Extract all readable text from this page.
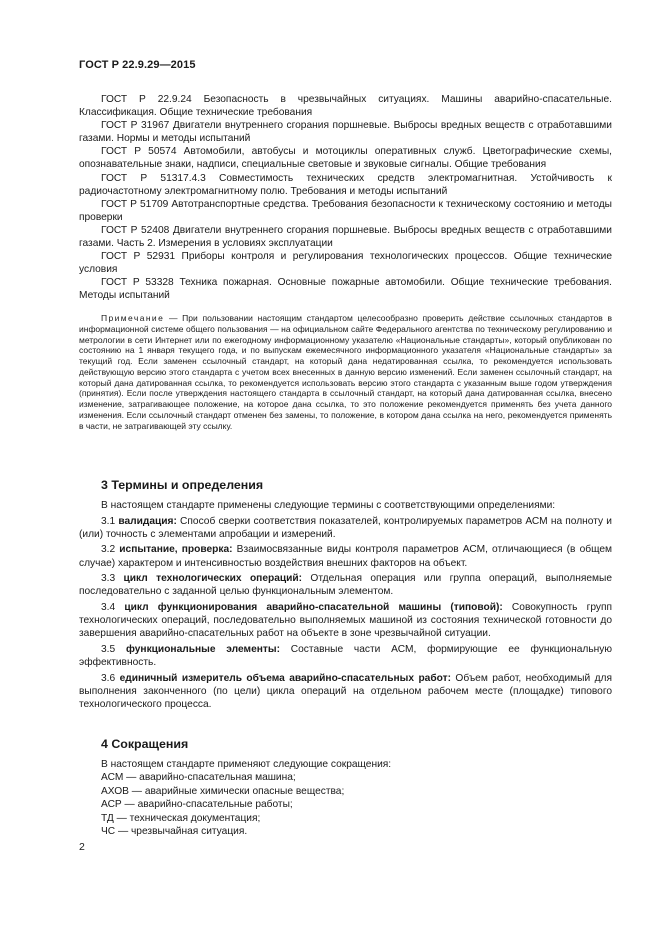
ГОСТ Р 22.9.29—2015

ГОСТ Р 22.9.24 Безопасность в чрезвычайных ситуациях. Машины аварийно-спасательные. Классификация. Общие технические требования

ГОСТ Р 31967 Двигатели внутреннего сгорания поршневые. Выбросы вредных веществ с отработавшими газами. Нормы и методы испытаний

ГОСТ Р 50574 Автомобили, автобусы и мотоциклы оперативных служб. Цветографические схемы, опознавательные знаки, надписи, специальные световые и звуковые сигналы. Общие требования

ГОСТ Р 51317.4.3 Совместимость технических средств электромагнитная. Устойчивость к радиочастотному электромагнитному полю. Требования и методы испытаний

ГОСТ Р 51709 Автотранспортные средства. Требования безопасности к техническому состоянию и методы проверки

ГОСТ Р 52408 Двигатели внутреннего сгорания поршневые. Выбросы вредных веществ с отработавшими газами. Часть 2. Измерения в условиях эксплуатации

ГОСТ Р 52931 Приборы контроля и регулирования технологических процессов. Общие технические условия

ГОСТ Р 53328 Техника пожарная. Основные пожарные автомобили. Общие технические требования. Методы испытаний

Примечание — При пользовании настоящим стандартом целесообразно проверить действие ссылочных стандартов в информационной системе общего пользования — на официальном сайте Федерального агентства по техническому регулированию и метрологии в сети Интернет или по ежегодному информационному указателю «Национальные стандарты», который опубликован по состоянию на 1 января текущего года, и по выпускам ежемесячного информационного указателя «Национальные стандарты» за текущий год. Если заменен ссылочный стандарт, на который дана недатированная ссылка, то рекомендуется использовать действующую версию этого стандарта с учетом всех внесенных в данную версию изменений. Если заменен ссылочный стандарт, на который дана датированная ссылка, то рекомендуется использовать версию этого стандарта с указанным выше годом утверждения (принятия). Если после утверждения настоящего стандарта в ссылочный стандарт, на который дана датированная ссылка, внесено изменение, затрагивающее положение, на которое дана ссылка, то это положение рекомендуется применять без учета данного изменения. Если ссылочный стандарт отменен без замены, то положение, в котором дана ссылка на него, рекомендуется применять в части, не затрагивающей эту ссылку.

3 Термины и определения

В настоящем стандарте применены следующие термины с соответствующими определениями:

3.1 валидация: Способ сверки соответствия показателей, контролируемых параметров АСМ на полноту и (или) точность с элементами апробации и измерений.

3.2 испытание, проверка: Взаимосвязанные виды контроля параметров АСМ, отличающиеся (в общем случае) характером и интенсивностью воздействия внешних факторов на объект.

3.3 цикл технологических операций: Отдельная операция или группа операций, выполняемые последовательно с заданной целью функциональным элементом.

3.4 цикл функционирования аварийно-спасательной машины (типовой): Совокупность групп технологических операций, последовательно выполняемых машиной из состояния технической готовности до завершения аварийно-спасательных работ на объекте в зоне чрезвычайной ситуации.

3.5 функциональные элементы: Составные части АСМ, формирующие ее функциональную эффективность.

3.6 единичный измеритель объема аварийно-спасательных работ: Объем работ, необходимый для выполнения законченного (по цели) цикла операций на отдельном рабочем месте (площадке) типового технологического процесса.

4 Сокращения

В настоящем стандарте применяют следующие сокращения:

АСМ — аварийно-спасательная машина;

АХОВ — аварийные химически опасные вещества;

АСР — аварийно-спасательные работы;

ТД — техническая документация;

ЧС — чрезвычайная ситуация.

2
